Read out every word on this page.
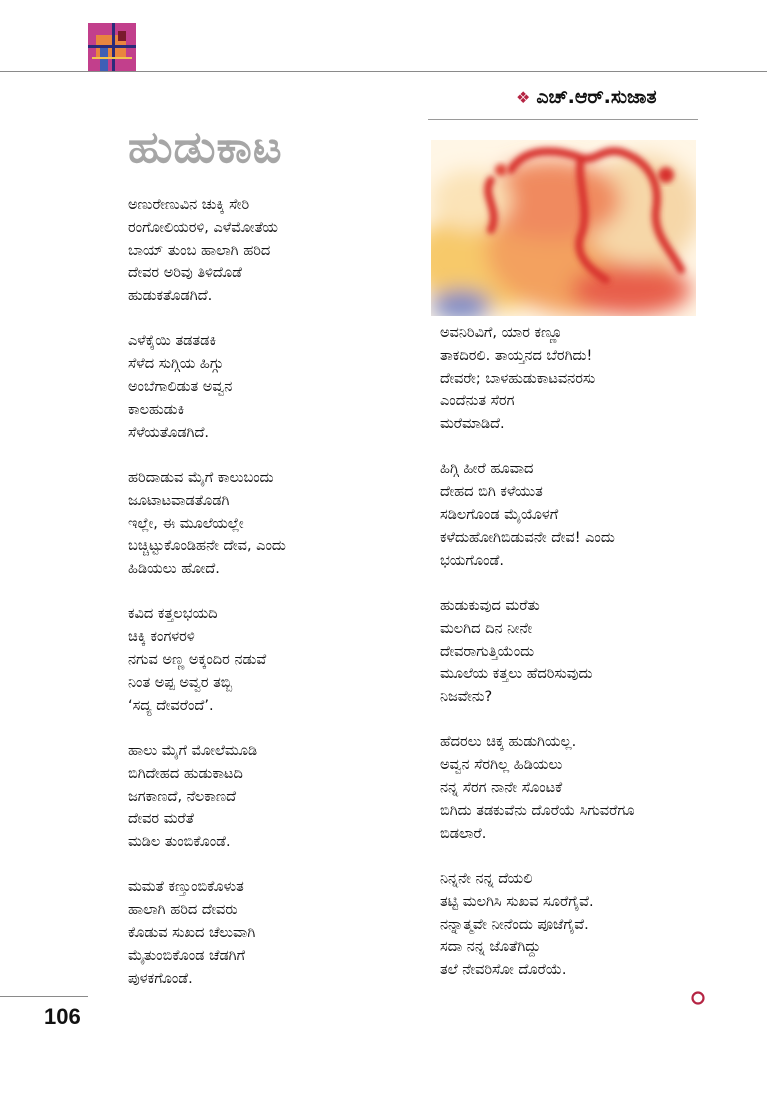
❖ ಎಚ್.ಆರ್.ಸುಜಾತ
ಹುಡುಕಾಟ
ಅಣುರೇಣುವಿನ ಚುಕ್ಕಿ ಸೇರಿ
ರಂಗೋಲಿಯರಳಿ, ಎಳೆಮೋತೆಯ
ಬಾಯ್ ತುಂಬ ಹಾಲಾಗಿ ಹರಿದ
ದೇವರ ಅರಿವು ತಿಳಿದೊಡೆ
ಹುಡುಕತೊಡಗಿದೆ.
ಎಳೆಕೈಯಿ ತಡತಡಕಿ
ಸೆಳೆದ ಸುಗ್ಗಿಯ ಹಿಗ್ಗು
ಅಂಬೆಗಾಲಿಡುತ ಅವ್ವನ
ಕಾಲಹುಡುಕಿ
ಸೆಳೆಯತೊಡಗಿದೆ.
ಹರಿದಾಡುವ ಮೈಗೆ ಕಾಲುಬಂದು
ಜೂಟಾಟವಾಡತೊಡಗಿ
ಇಲ್ಲೇ, ಈ ಮೂಲೆಯಲ್ಲೇ
ಬಚ್ಚಿಟ್ಟುಕೊಂಡಿಹನೇ ದೇವ, ಎಂದು
ಹಿಡಿಯಲು ಹೋದೆ.
ಕವಿದ ಕತ್ತಲಭಯದಿ
ಚಿಕ್ಕಿ ಕಂಗಳರಳಿ
ನಗುವ ಅಣ್ಣ ಅಕ್ಕಂದಿರ ನಡುವೆ
ನಿಂತ ಅಪ್ಪ ಅವ್ವರ ತಬ್ಬಿ
‘ಸದ್ಯ ದೇವರೆಂದೆ’.
ಹಾಲು ಮೈಗೆ ಮೋಲೆಮೂಡಿ
ಬಿಗಿದೇಹದ ಹುಡುಕಾಟದಿ
ಜಗಕಾಣದೆ, ನೆಲಕಾಣದೆ
ದೇವರ ಮರೆತೆ
ಮಡಿಲ ತುಂಬಿಕೊಂಡೆ.
ಮಮತೆ ಕಣ್ತುಂಬಿಕೊಳುತ
ಹಾಲಾಗಿ ಹರಿದ ದೇವರು
ಕೊಡುವ ಸುಖದ ಚೆಲುವಾಗಿ
ಮೈತುಂಬಿಕೊಂಡ ಚೆಡಗಿಗೆ
ಪುಳಕಗೊಂಡೆ.
ಅವನಿರಿವಿಗೆ, ಯಾರ ಕಣ್ಣೂ
ತಾಕದಿರಲಿ. ತಾಯ್ತನದ ಬೆರಗಿದು!
ದೇವರೇ; ಬಾಳಹುಡುಕಾಟವನರಸು
ಎಂದೆನುತ ಸೆರಗ
ಮರೆಮಾಡಿದೆ.
ಹಿಗ್ಗಿ ಹೀರೆ ಹೂವಾದ
ದೇಹದ ಬಿಗಿ ಕಳೆಯುತ
ಸಡಿಲಗೊಂಡ ಮೈಯೊಳಗೆ
ಕಳೆದುಹೋಗಿಬಿಡುವನೇ ದೇವ! ಎಂದು
ಭಯಗೊಂಡೆ.
ಹುಡುಕುವುದ ಮರೆತು
ಮಲಗಿದ ದಿನ ನೀನೇ
ದೇವರಾಗುತ್ತಿಯೆಂದು
ಮೂಲೆಯ ಕತ್ತಲು ಹೆದರಿಸುವುದು
ನಿಜವೇನು?
ಹೆದರಲು ಚಿಕ್ಕ ಹುಡುಗಿಯಲ್ಲ.
ಅವ್ವನ ಸೆರಗಿಲ್ಲ ಹಿಡಿಯಲು
ನನ್ನ ಸೆರಗ ನಾನೇ ಸೊಂಟಕೆ
ಬಿಗಿದು ತಡಕುವೆನು ದೊರೆಯೆ ಸಿಗುವರೆಗೂ
ಬಿಡಲಾರೆ.
ನಿನ್ನನೇ ನನ್ನ ದೆಯಲಿ
ತಟ್ಟಿ ಮಲಗಿಸಿ ಸುಖವ ಸೂರೆಗೈವೆ.
ನನ್ನಾತ್ಮವೇ ನೀನೆಂದು ಪೂಜೆಗೈವೆ.
ಸದಾ ನನ್ನ ಜೊತೆಗಿದ್ದು
ತಲೆ ನೇವರಿಸೋ ದೊರೆಯೆ.
106
